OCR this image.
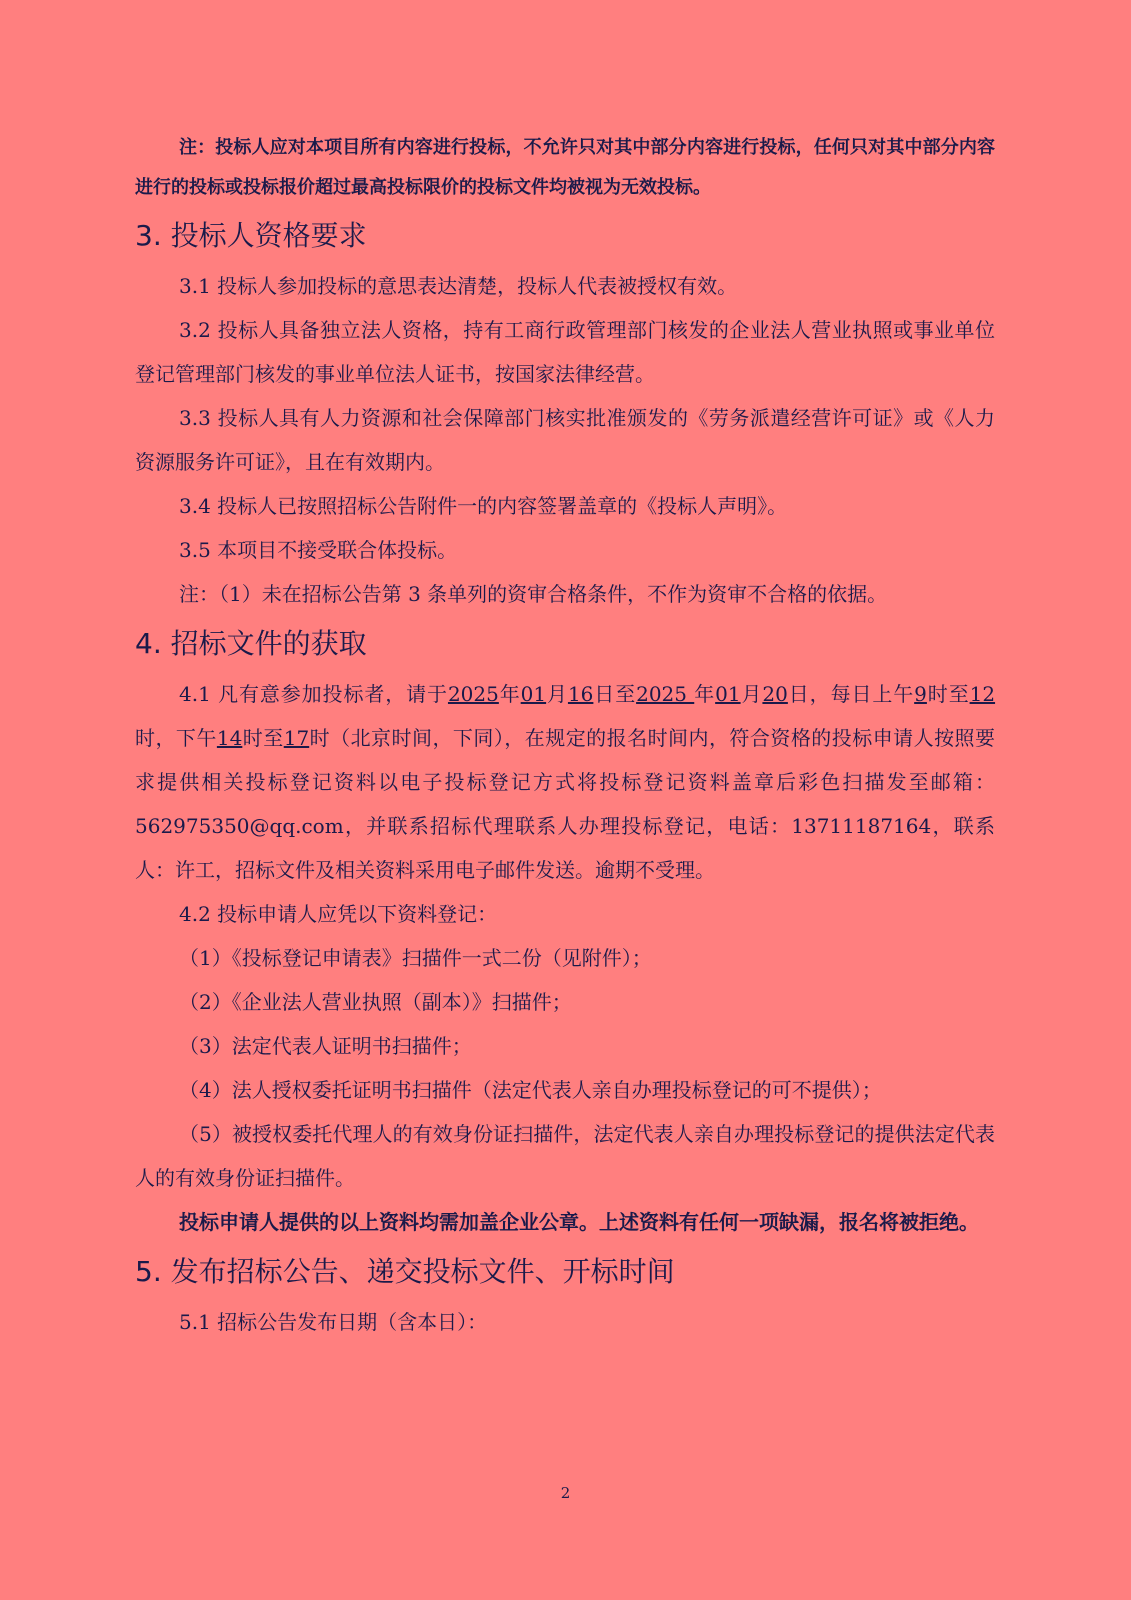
注：投标人应对本项目所有内容进行投标，不允许只对其中部分内容进行投标，任何只对其中部分内容进行的投标或投标报价超过最高投标限价的投标文件均被视为无效投标。

3. 投标人资格要求

3.1 投标人参加投标的意思表达清楚，投标人代表被授权有效。

3.2 投标人具备独立法人资格，持有工商行政管理部门核发的企业法人营业执照或事业单位登记管理部门核发的事业单位法人证书，按国家法律经营。

3.3 投标人具有人力资源和社会保障部门核实批准颁发的《劳务派遣经营许可证》或《人力资源服务许可证》，且在有效期内。

3.4 投标人已按照招标公告附件一的内容签署盖章的《投标人声明》。

3.5 本项目不接受联合体投标。

注：（1）未在招标公告第 3 条单列的资审合格条件，不作为资审不合格的依据。

4. 招标文件的获取

4.1 凡有意参加投标者，请于2025年01月16日至2025 年01月20日，每日上午9时至12时，下午14时至17时（北京时间，下同），在规定的报名时间内，符合资格的投标申请人按照要求提供相关投标登记资料以电子投标登记方式将投标登记资料盖章后彩色扫描发至邮箱：562975350@qq.com，并联系招标代理联系人办理投标登记，电话：13711187164，联系人：许工，招标文件及相关资料采用电子邮件发送。逾期不受理。

4.2 投标申请人应凭以下资料登记：

（1）《投标登记申请表》扫描件一式二份（见附件）；

（2）《企业法人营业执照（副本）》扫描件；

（3）法定代表人证明书扫描件；

（4）法人授权委托证明书扫描件（法定代表人亲自办理投标登记的可不提供）；

（5）被授权委托代理人的有效身份证扫描件，法定代表人亲自办理投标登记的提供法定代表人的有效身份证扫描件。

投标申请人提供的以上资料均需加盖企业公章。上述资料有任何一项缺漏，报名将被拒绝。

5. 发布招标公告、递交投标文件、开标时间

5.1 招标公告发布日期（含本日）：

2
